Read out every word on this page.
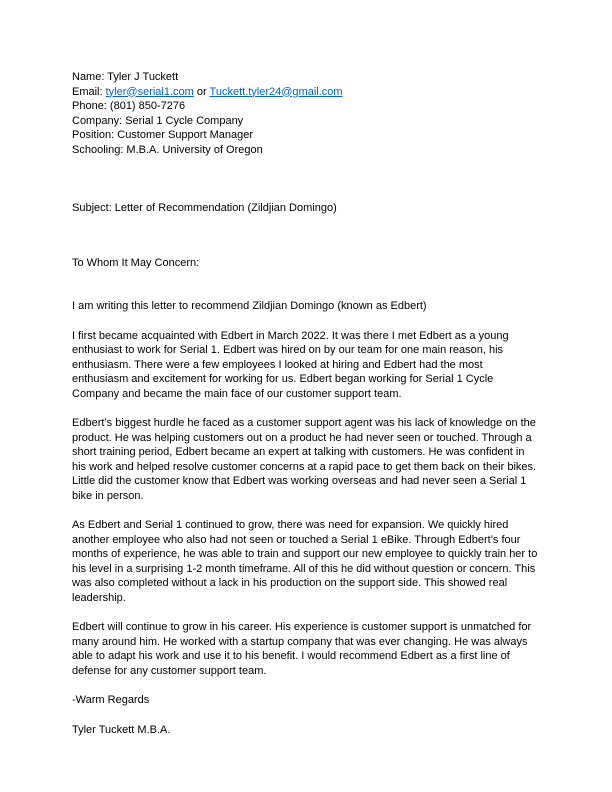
Name: Tyler J Tuckett
Email: tyler@serial1.com or Tuckett.tyler24@gmail.com
Phone: (801) 850-7276
Company: Serial 1 Cycle Company
Position: Customer Support Manager
Schooling: M.B.A. University of Oregon
Subject: Letter of Recommendation (Zildjian Domingo)
To Whom It May Concern:
I am writing this letter to recommend Zildjian Domingo (known as Edbert)
I first became acquainted with Edbert in March 2022. It was there I met Edbert as a young enthusiast to work for Serial 1. Edbert was hired on by our team for one main reason, his enthusiasm. There were a few employees I looked at hiring and Edbert had the most enthusiasm and excitement for working for us. Edbert began working for Serial 1 Cycle Company and became the main face of our customer support team.
Edbert’s biggest hurdle he faced as a customer support agent was his lack of knowledge on the product. He was helping customers out on a product he had never seen or touched. Through a short training period, Edbert became an expert at talking with customers. He was confident in his work and helped resolve customer concerns at a rapid pace to get them back on their bikes. Little did the customer know that Edbert was working overseas and had never seen a Serial 1 bike in person.
As Edbert and Serial 1 continued to grow, there was need for expansion. We quickly hired another employee who also had not seen or touched a Serial 1 eBike. Through Edbert’s four months of experience, he was able to train and support our new employee to quickly train her to his level in a surprising 1-2 month timeframe. All of this he did without question or concern. This was also completed without a lack in his production on the support side. This showed real leadership.
Edbert will continue to grow in his career. His experience is customer support is unmatched for many around him. He worked with a startup company that was ever changing. He was always able to adapt his work and use it to his benefit. I would recommend Edbert as a first line of defense for any customer support team.
-Warm Regards
Tyler Tuckett M.B.A.
